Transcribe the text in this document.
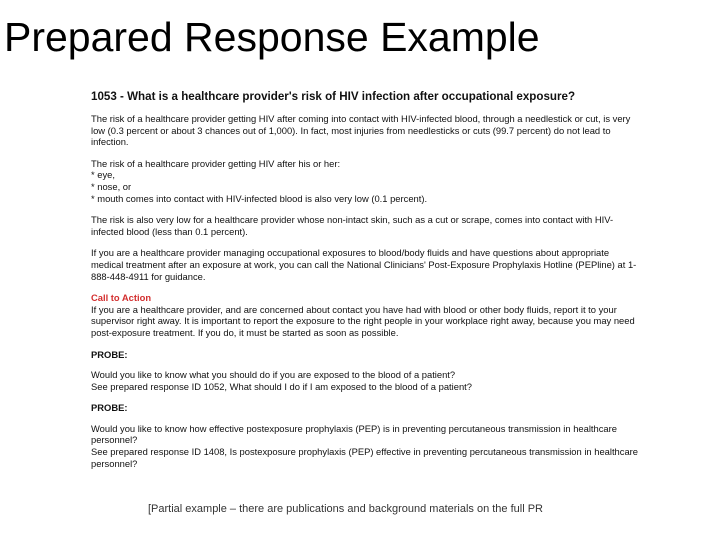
Prepared Response Example

1053 - What is a healthcare provider's risk of HIV infection after occupational exposure?

The risk of a healthcare provider getting HIV after coming into contact with HIV-infected blood, through a needlestick or cut, is very low (0.3 percent or about 3 chances out of 1,000). In fact, most injuries from needlesticks or cuts (99.7 percent) do not lead to infection.

The risk of a healthcare provider getting HIV after his or her:
* eye,
* nose, or
* mouth comes into contact with HIV-infected blood is also very low (0.1 percent).

The risk is also very low for a healthcare provider whose non-intact skin, such as a cut or scrape, comes into contact with HIV-infected blood (less than 0.1 percent).

If you are a healthcare provider managing occupational exposures to blood/body fluids and have questions about appropriate medical treatment after an exposure at work, you can call the National Clinicians' Post-Exposure Prophylaxis Hotline (PEPline) at 1-888-448-4911 for guidance.

Call to Action
If you are a healthcare provider, and are concerned about contact you have had with blood or other body fluids, report it to your supervisor right away. It is important to report the exposure to the right people in your workplace right away, because you may need post-exposure treatment. If you do, it must be started as soon as possible.

PROBE:

Would you like to know what you should do if you are exposed to the blood of a patient?
See prepared response ID 1052, What should I do if I am exposed to the blood of a patient?

PROBE:

Would you like to know how effective postexposure prophylaxis (PEP) is in preventing percutaneous transmission in healthcare personnel?
See prepared response ID 1408, Is postexposure prophylaxis (PEP) effective in preventing percutaneous transmission in healthcare personnel?

[Partial example – there are publications and background materials on the full PR
